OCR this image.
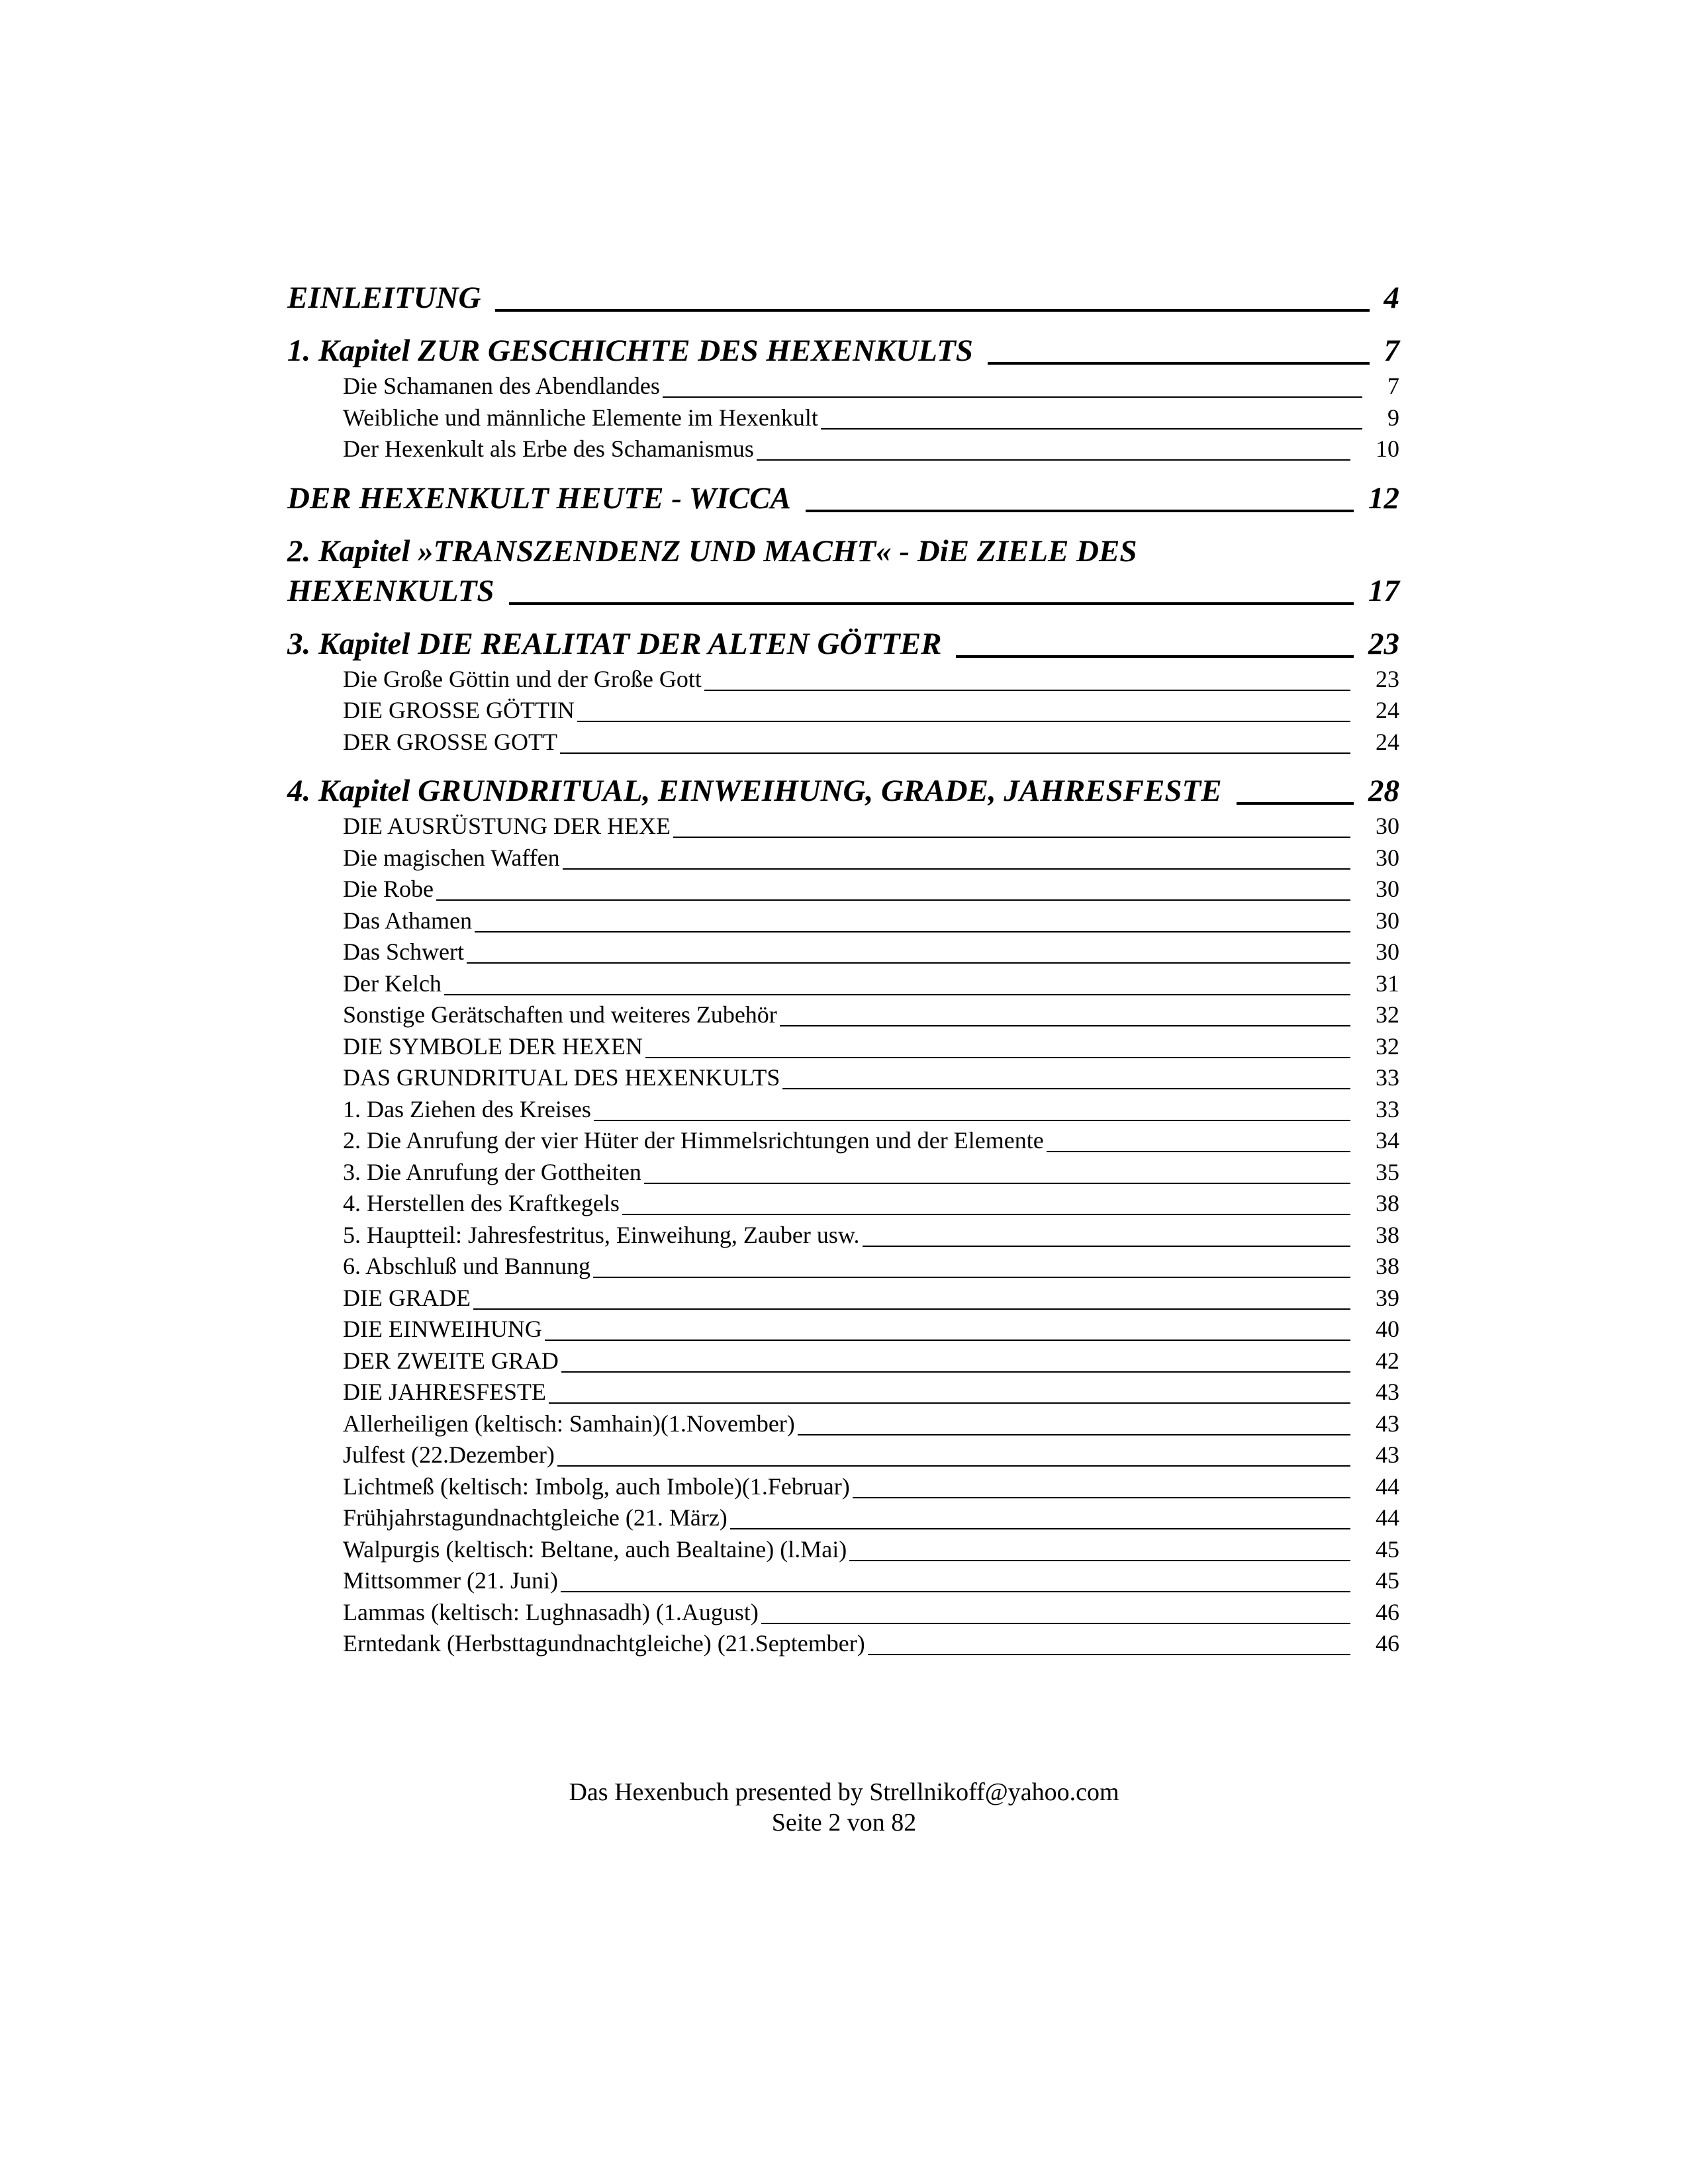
EINLEITUNG	4
1. Kapitel ZUR GESCHICHTE DES HEXENKULTS	7
Die Schamanen des Abendlandes	7
Weibliche und männliche Elemente im Hexenkult	9
Der Hexenkult als Erbe des Schamanismus	10
DER HEXENKULT HEUTE - WICCA	12
2. Kapitel »TRANSZENDENZ UND MACHT« - DiE ZIELE DES
HEXENKULTS	17
3. Kapitel DIE REALITAT DER ALTEN GÖTTER	23
Die Große Göttin und der Große Gott	23
DIE GROSSE GÖTTIN	24
DER GROSSE GOTT	24
4. Kapitel GRUNDRITUAL, EINWEIHUNG, GRADE, JAHRESFESTE	28
DIE AUSRÜSTUNG DER HEXE	30
Die magischen Waffen	30
Die Robe	30
Das Athamen	30
Das Schwert	30
Der Kelch	31
Sonstige Gerätschaften und weiteres Zubehör	32
DIE SYMBOLE DER HEXEN	32
DAS GRUNDRITUAL DES HEXENKULTS	33
1. Das Ziehen des Kreises	33
2. Die Anrufung der vier Hüter der Himmelsrichtungen und der Elemente	34
3. Die Anrufung der Gottheiten	35
4. Herstellen des Kraftkegels	38
5. Hauptteil: Jahresfestritus, Einweihung, Zauber usw.	38
6. Abschluß und Bannung	38
DIE GRADE	39
DIE EINWEIHUNG	40
DER ZWEITE GRAD	42
DIE JAHRESFESTE	43
Allerheiligen (keltisch: Samhain)(1.November)	43
Julfest (22.Dezember)	43
Lichtmeß (keltisch: Imbolg, auch Imbole)(1.Februar)	44
Frühjahrstagundnachtgleiche (21. März)	44
Walpurgis (keltisch: Beltane, auch Bealtaine) (l.Mai)	45
Mittsommer (21. Juni)	45
Lammas (keltisch: Lughnasadh) (1.August)	46
Erntedank (Herbsttagundnachtgleiche) (21.September)	46
Das Hexenbuch presented by Strellnikoff@yahoo.com
Seite 2 von 82
